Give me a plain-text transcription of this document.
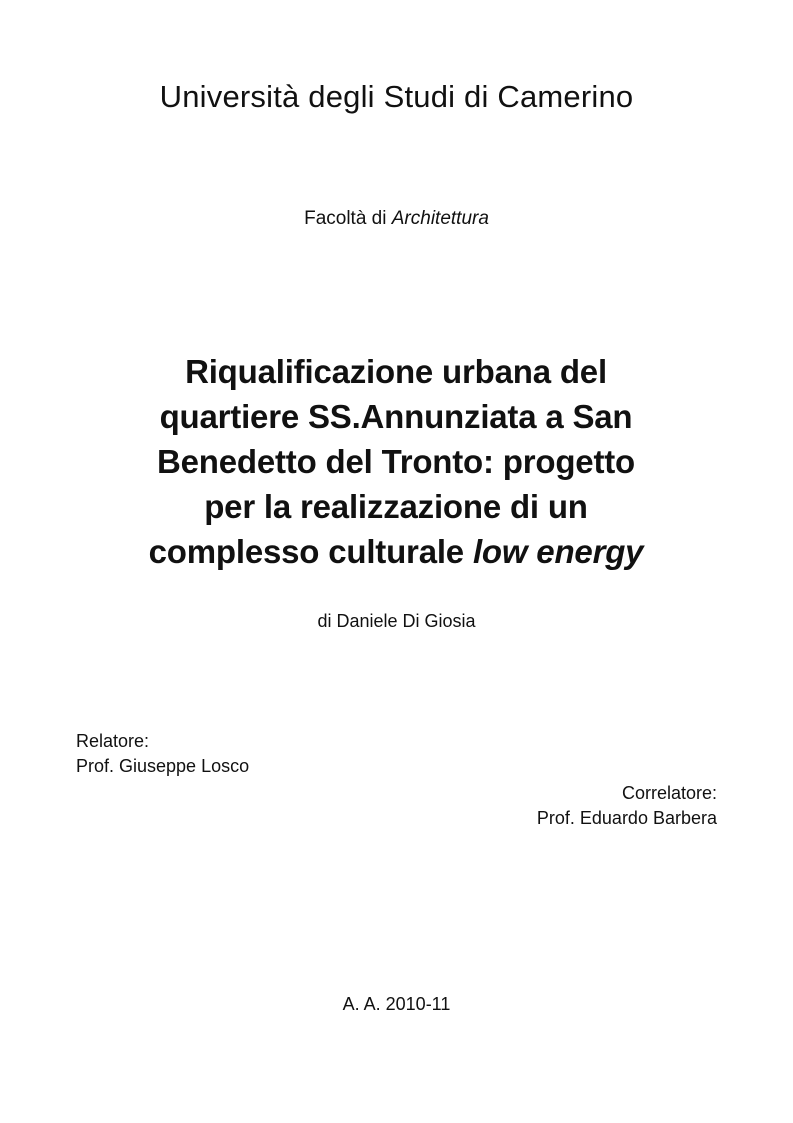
Università degli Studi di Camerino
Facoltà di Architettura
Riqualificazione urbana del
quartiere SS.Annunziata a San
Benedetto del Tronto: progetto
per la realizzazione di un
complesso culturale low energy
di Daniele Di Giosia
Relatore:
Prof. Giuseppe Losco
Correlatore:
Prof. Eduardo Barbera
A. A. 2010-11
